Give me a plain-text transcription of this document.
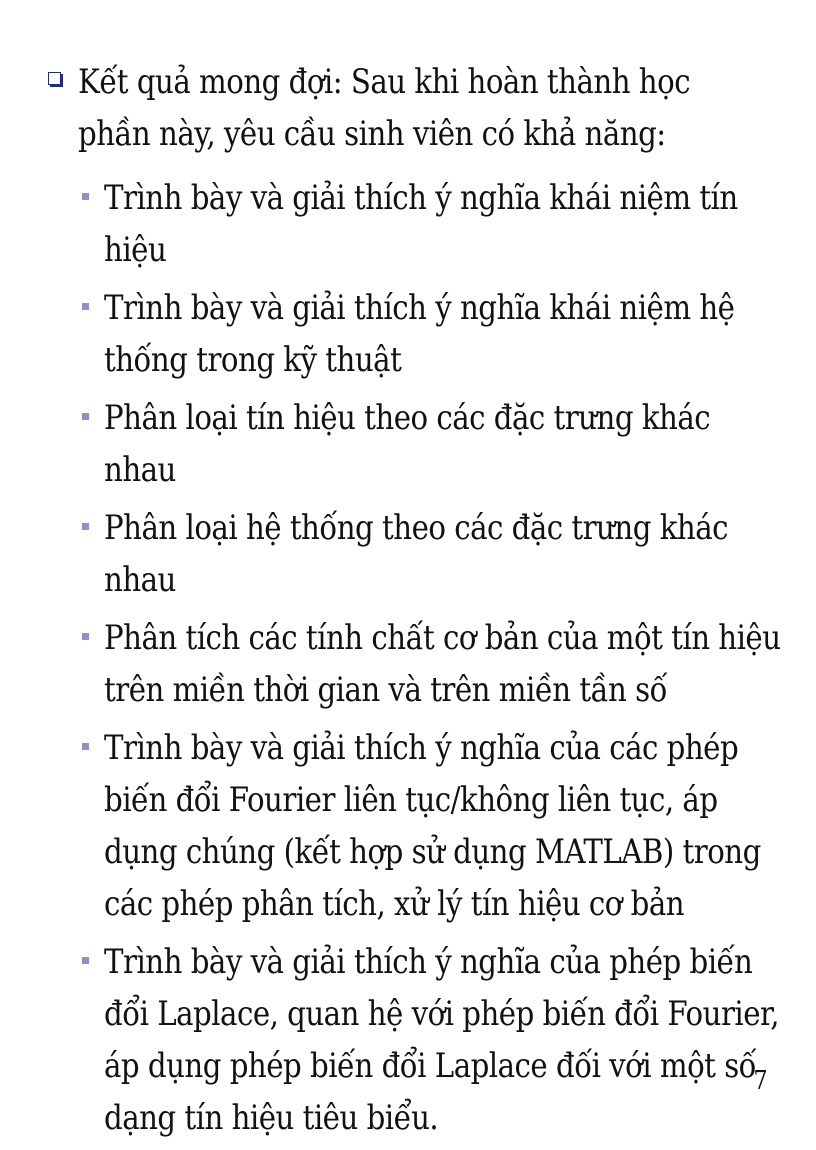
Kết quả mong đợi: Sau khi hoàn thành học phần này, yêu cầu sinh viên có khả năng:
Trình bày và giải thích ý nghĩa khái niệm tín hiệu
Trình bày và giải thích ý nghĩa khái niệm hệ thống trong kỹ thuật
Phân loại tín hiệu theo các đặc trưng khác nhau
Phân loại hệ thống theo các đặc trưng khác nhau
Phân tích các tính chất cơ bản của một tín hiệu trên miền thời gian và trên miền tần số
Trình bày và giải thích ý nghĩa của các phép biến đổi Fourier liên tục/không liên tục, áp dụng chúng (kết hợp sử dụng MATLAB) trong các phép phân tích, xử lý tín hiệu cơ bản
Trình bày và giải thích ý nghĩa của phép biến đổi Laplace, quan hệ với phép biến đổi Fourier, áp dụng phép biến đổi Laplace đối với một số dạng tín hiệu tiêu biểu.
7
